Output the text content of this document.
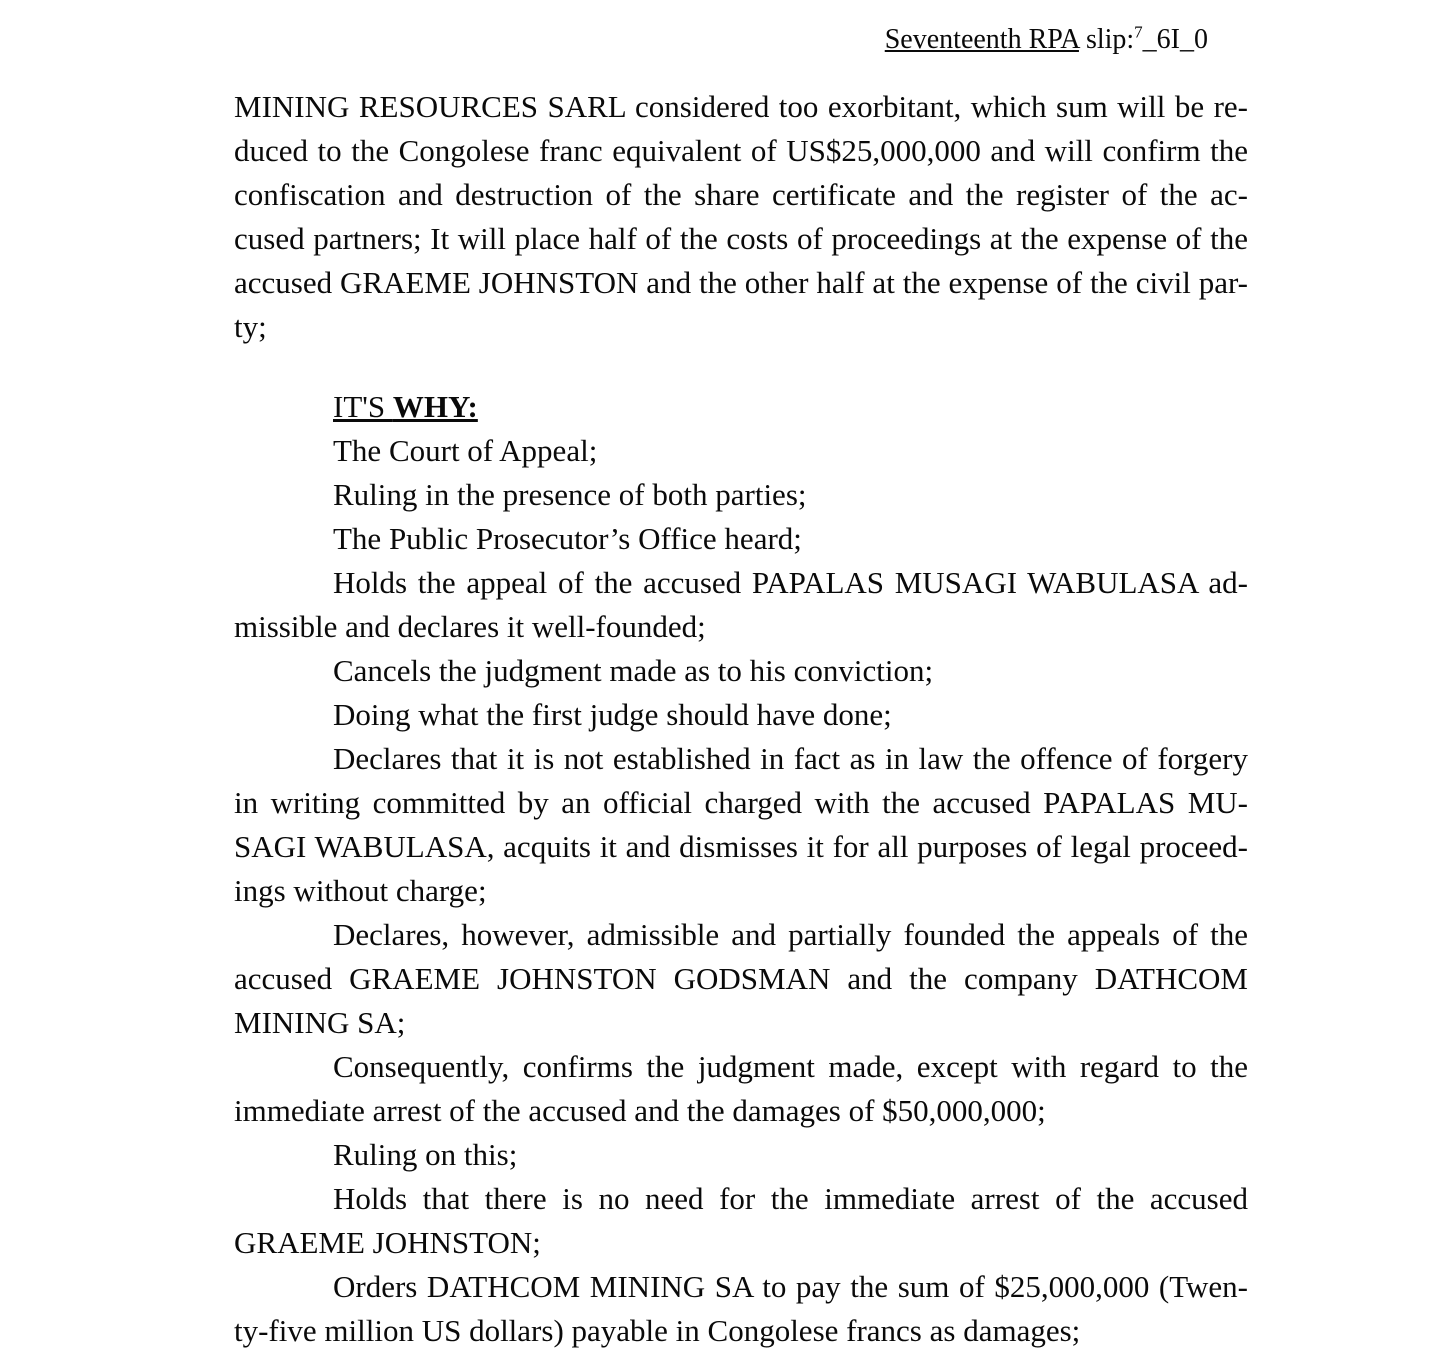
Seventeenth RPA slip:$^7$_6I_0
MINING RESOURCES SARL considered too exorbitant, which sum will be re-
duced to the Congolese franc equivalent of US$25,000,000 and will confirm the
confiscation and destruction of the share certificate and the register of the ac-
cused partners; It will place half of the costs of proceedings at the expense of the
accused GRAEME JOHNSTON and the other half at the expense of the civil par-
ty;
IT'S WHY:
The Court of Appeal;
Ruling in the presence of both parties;
The Public Prosecutor’s Office heard;
Holds the appeal of the accused PAPALAS MUSAGI WABULASA ad-
missible and declares it well-founded;
Cancels the judgment made as to his conviction;
Doing what the first judge should have done;
Declares that it is not established in fact as in law the offence of forgery
in writing committed by an official charged with the accused PAPALAS MU-
SAGI WABULASA, acquits it and dismisses it for all purposes of legal proceed-
ings without charge;
Declares, however, admissible and partially founded the appeals of the
accused GRAEME JOHNSTON GODSMAN and the company DATHCOM
MINING SA;
Consequently, confirms the judgment made, except with regard to the
immediate arrest of the accused and the damages of $50,000,000;
Ruling on this;
Holds that there is no need for the immediate arrest of the accused
GRAEME JOHNSTON;
Orders DATHCOM MINING SA to pay the sum of $25,000,000 (Twen-
ty-five million US dollars) payable in Congolese francs as damages;
